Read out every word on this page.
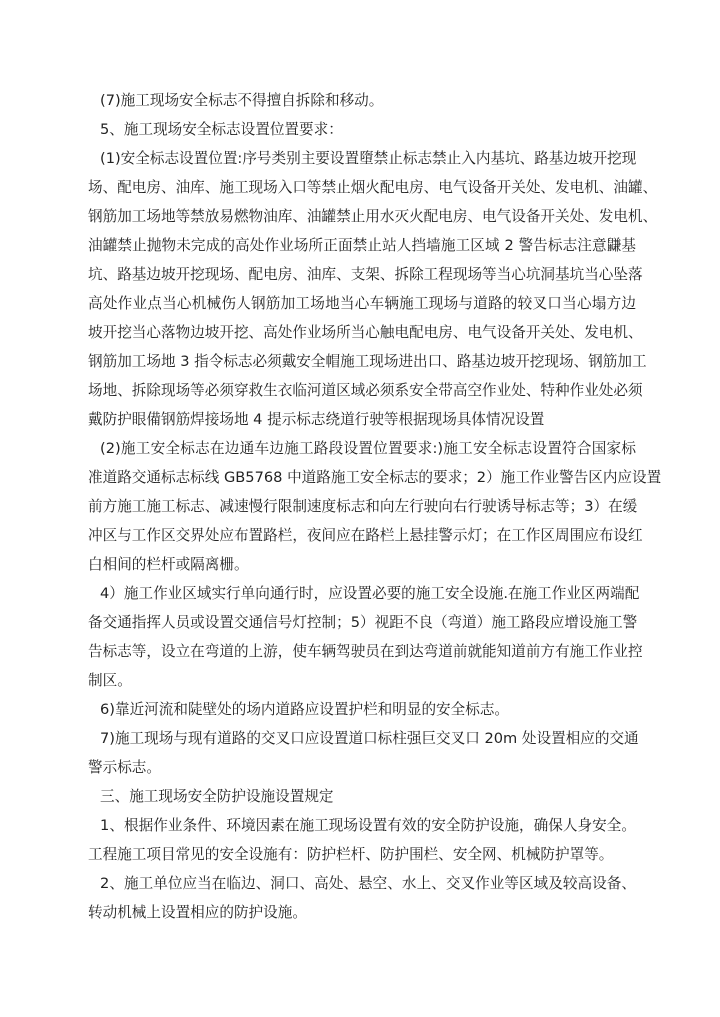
(7)施工现场安全标志不得擅自拆除和移动。
5、施工现场安全标志设置位置要求：
(1)安全标志设置位置:序号类别主要设置墮禁止标志禁止入内基坑、路基边坡开挖现
场、配电房、油库、施工现场入口等禁止烟火配电房、电气设备开关处、发电机、油罐、
钢筋加工场地等禁放易燃物油库、油罐禁止用水灭火配电房、电气设备开关处、发电机、
油罐禁止抛物未完成的高处作业场所正面禁止站人挡墙施工区域 2 警告标志注意鼸基
坑、路基边坡开挖现场、配电房、油库、支架、拆除工程现场等当心坑洞基坑当心坠落
高处作业点当心机械伤人钢筋加工场地当心车辆施工现场与道路的较叉口当心塌方边
坡开挖当心落物边坡开挖、高处作业场所当心触电配电房、电气设备开关处、发电机、
钢筋加工场地 3 指令标志必须戴安全帽施工现场进出口、路基边坡开挖现场、钢筋加工
场地、拆除现场等必须穿救生衣临河道区域必须系安全带高空作业处、特种作业处必须
戴防护眼備钢筋焊接场地 4 提示标志绕道行驶等根据现场具体情况设置
(2)施工安全标志在边通车边施工路段设置位置要求:)施工安全标志设置符合国家标
准道路交通标志标线 GB5768 中道路施工安全标志的要求；2）施工作业警告区内应设置
前方施工施工标志、减速慢行限制速度标志和向左行驶向右行驶诱导标志等；3）在缓
冲区与工作区交界处应布置路栏，夜间应在路栏上悬挂警示灯；在工作区周围应布设红
白相间的栏杆或隔离栅。
4）施工作业区域实行单向通行时，应设置必要的施工安全设施.在施工作业区两端配
备交通指挥人员或设置交通信号灯控制；5）视距不良（弯道）施工路段应增设施工警
告标志等，设立在弯道的上游，使车辆驾驶员在到达弯道前就能知道前方有施工作业控
制区。
6)靠近河流和陡壁处的场内道路应设置护栏和明显的安全标志。
7)施工现场与现有道路的交叉口应设置道口标柱强巨交叉口 20m 处设置相应的交通
警示标志。
三、施工现场安全防护设施设置规定
1、根据作业条件、环境因素在施工现场设置有效的安全防护设施，确保人身安全。
工程施工项目常见的安全设施有：防护栏杆、防护围栏、安全网、机械防护罩等。
2、施工单位应当在临边、洞口、高处、悬空、水上、交叉作业等区域及较高设备、
转动机械上设置相应的防护设施。
